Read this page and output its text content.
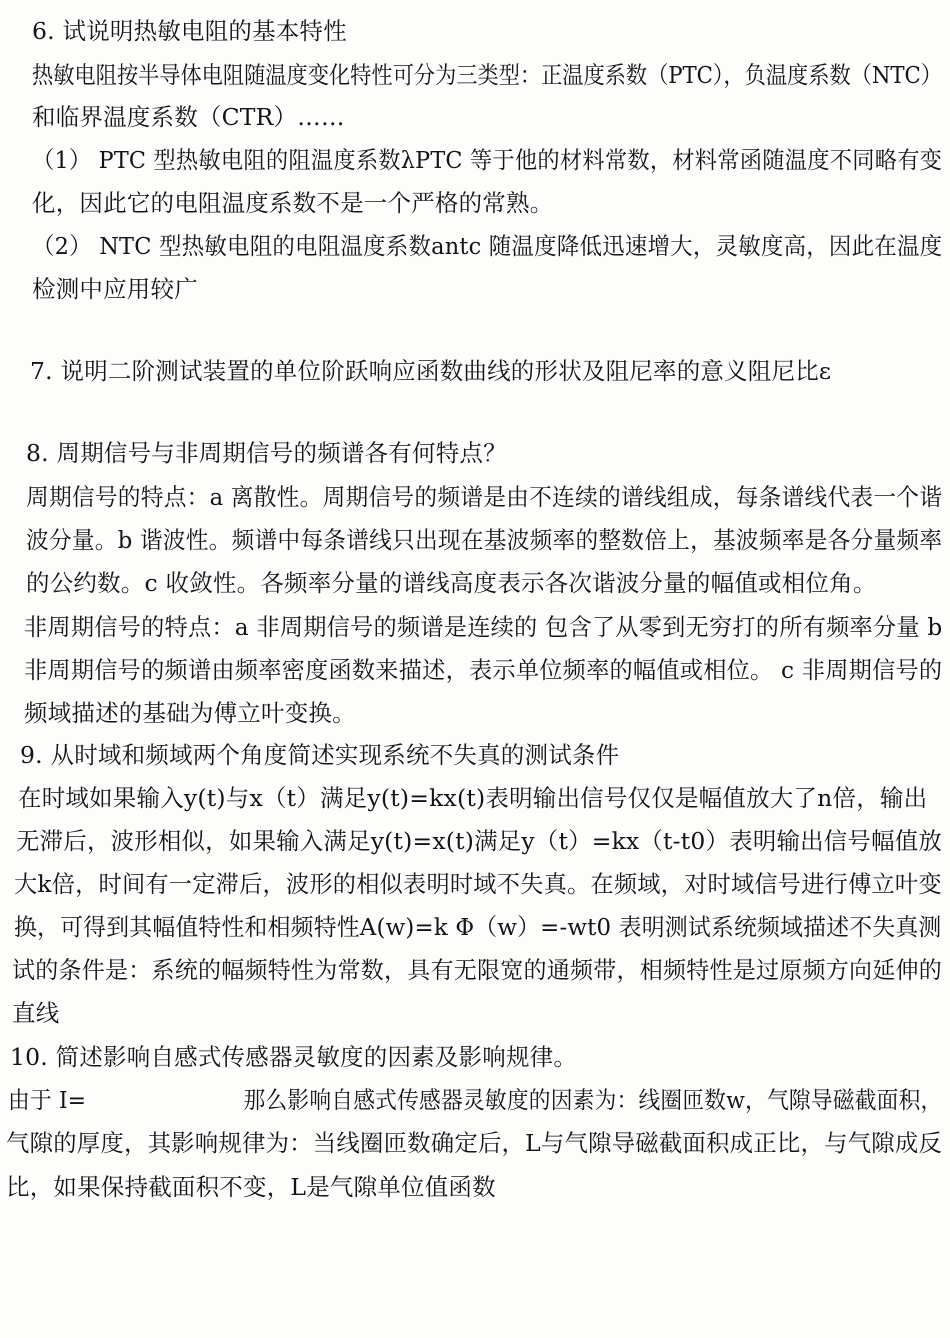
6. 试说明热敏电阻的基本特性
热敏电阻按半导体电阻随温度变化特性可分为三类型：正温度系数（PTC），负温度系数（NTC）
和临界温度系数（CTR）……
（1） PTC 型热敏电阻的阻温度系数λPTC 等于他的材料常数，材料常函随温度不同略有变
化，因此它的电阻温度系数不是一个严格的常熟。
（2） NTC 型热敏电阻的电阻温度系数antc 随温度降低迅速增大，灵敏度高，因此在温度
检测中应用较广
7. 说明二阶测试装置的单位阶跃响应函数曲线的形状及阻尼率的意义阻尼比ε
8. 周期信号与非周期信号的频谱各有何特点？
周期信号的特点：a 离散性。周期信号的频谱是由不连续的谱线组成，每条谱线代表一个谐
波分量。b 谐波性。频谱中每条谱线只出现在基波频率的整数倍上，基波频率是各分量频率
的公约数。c 收敛性。各频率分量的谱线高度表示各次谐波分量的幅值或相位角。
非周期信号的特点：a 非周期信号的频谱是连续的 包含了从零到无穷打的所有频率分量 b
非周期信号的频谱由频率密度函数来描述，表示单位频率的幅值或相位。 c 非周期信号的
频域描述的基础为傅立叶变换。
9. 从时域和频域两个角度简述实现系统不失真的测试条件
在时域如果输入y(t)与x（t）满足y(t)=kx(t)表明输出信号仅仅是幅值放大了n倍，输出
无滞后，波形相似，如果输入满足y(t)=x(t)满足y（t）=kx（t-t0）表明输出信号幅值放
大k倍，时间有一定滞后，波形的相似表明时域不失真。在频域，对时域信号进行傅立叶变
换，可得到其幅值特性和相频特性A(w)=k Φ（w）=-wt0 表明测试系统频域描述不失真测
试的条件是：系统的幅频特性为常数，具有无限宽的通频带，相频特性是过原频方向延伸的
直线
10. 简述影响自感式传感器灵敏度的因素及影响规律。
由于 I=	那么影响自感式传感器灵敏度的因素为：线圈匝数w，气隙导磁截面积，
气隙的厚度，其影响规律为：当线圈匝数确定后，L与气隙导磁截面积成正比，与气隙成反
比，如果保持截面积不变，L是气隙单位值函数
